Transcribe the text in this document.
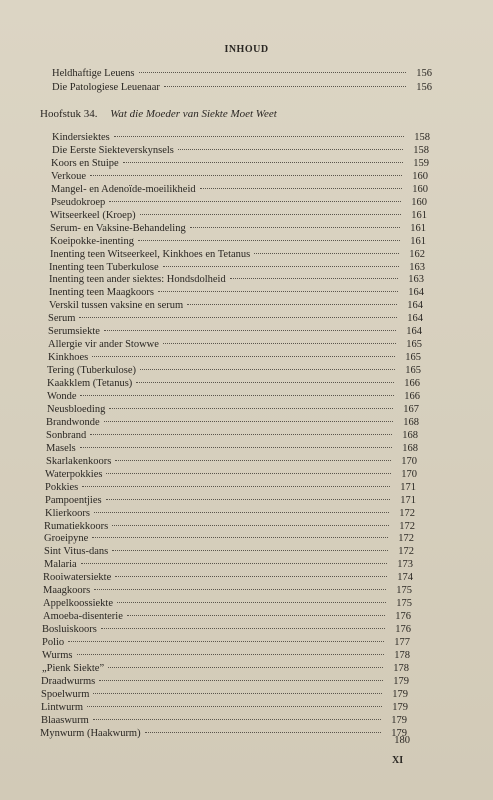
INHOUD
Heldhaftige Leuens	156
Die Patologiese Leuenaar	156
Hoofstuk 34. Wat die Moeder van Siekte Moet Weet
Kindersiektes	158
Die Eerste Siekteverskynsels	158
Koors en Stuipe	159
Verkoue	160
Mangel- en Adenoïde-moeilikheid	160
Pseudokroep	160
Witseerkeel (Kroep)	161
Serum- en Vaksine-Behandeling	161
Koeipokke-inenting	161
Inenting teen Witseerkeel, Kinkhoes en Tetanus	162
Inenting teen Tuberkulose	163
Inenting teen ander siektes: Hondsdolheid	163
Inenting teen Maagkoors	164
Verskil tussen vaksine en serum	164
Serum	164
Serumsiekte	164
Allergie vir ander Stowwe	165
Kinkhoes	165
Tering (Tuberkulose)	165
Kaakklem (Tetanus)	166
Wonde	166
Neusbloeding	167
Brandwonde	168
Sonbrand	168
Masels	168
Skarlakenkoors	170
Waterpokkies	170
Pokkies	171
Pampoentjies	171
Klierkoors	172
Rumatiekkoors	172
Groeipyne	172
Sint Vitus-dans	172
Malaria	173
Rooiwatersiekte	174
Maagkoors	175
Appelkoossiekte	175
Amoeba-disenterie	176
Bosluiskoors	176
Polio	177
Wurms	178
„Pienk Siekte”	178
Draadwurms	179
Spoelwurm	179
Lintwurm	179
Blaaswurm	179
Mynwurm (Haakwurm)	179
180
XI
